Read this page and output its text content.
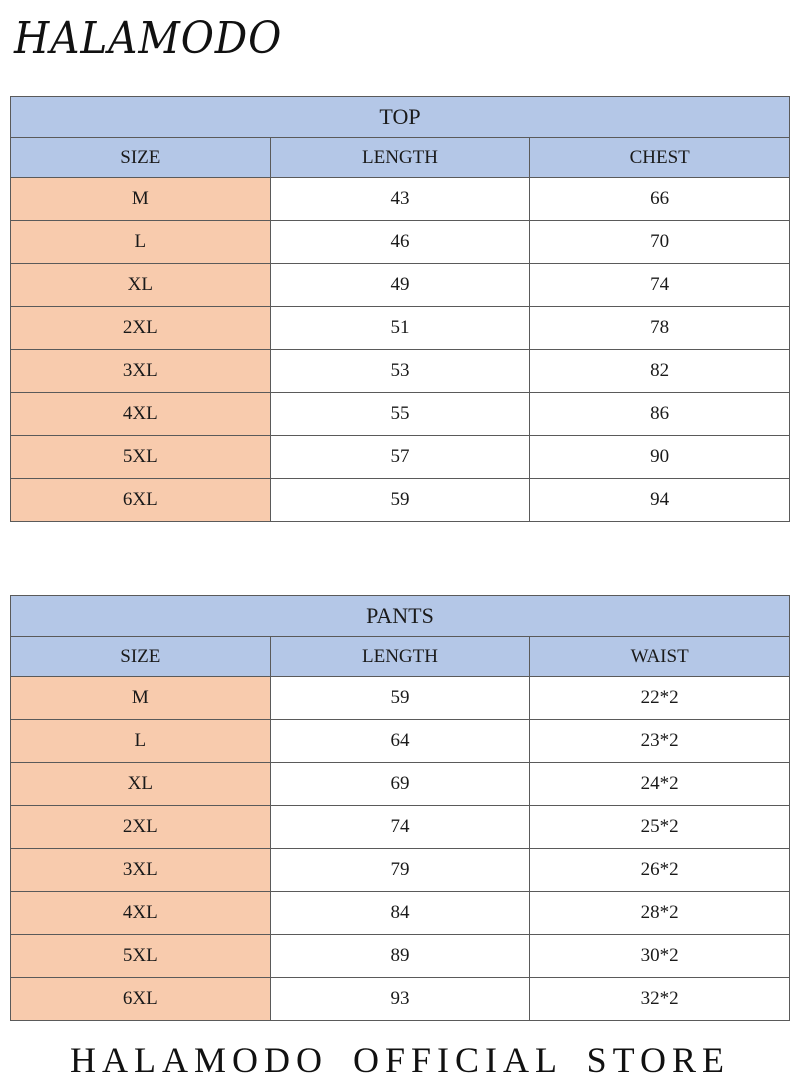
HALAMODO
TOP		
SIZE	LENGTH	CHEST
M	43	66
L	46	70
XL	49	74
2XL	51	78
3XL	53	82
4XL	55	86
5XL	57	90
6XL	59	94
PANTS		
SIZE	LENGTH	WAIST
M	59	22*2
L	64	23*2
XL	69	24*2
2XL	74	25*2
3XL	79	26*2
4XL	84	28*2
5XL	89	30*2
6XL	93	32*2
HALAMODO OFFICIAL STORE
